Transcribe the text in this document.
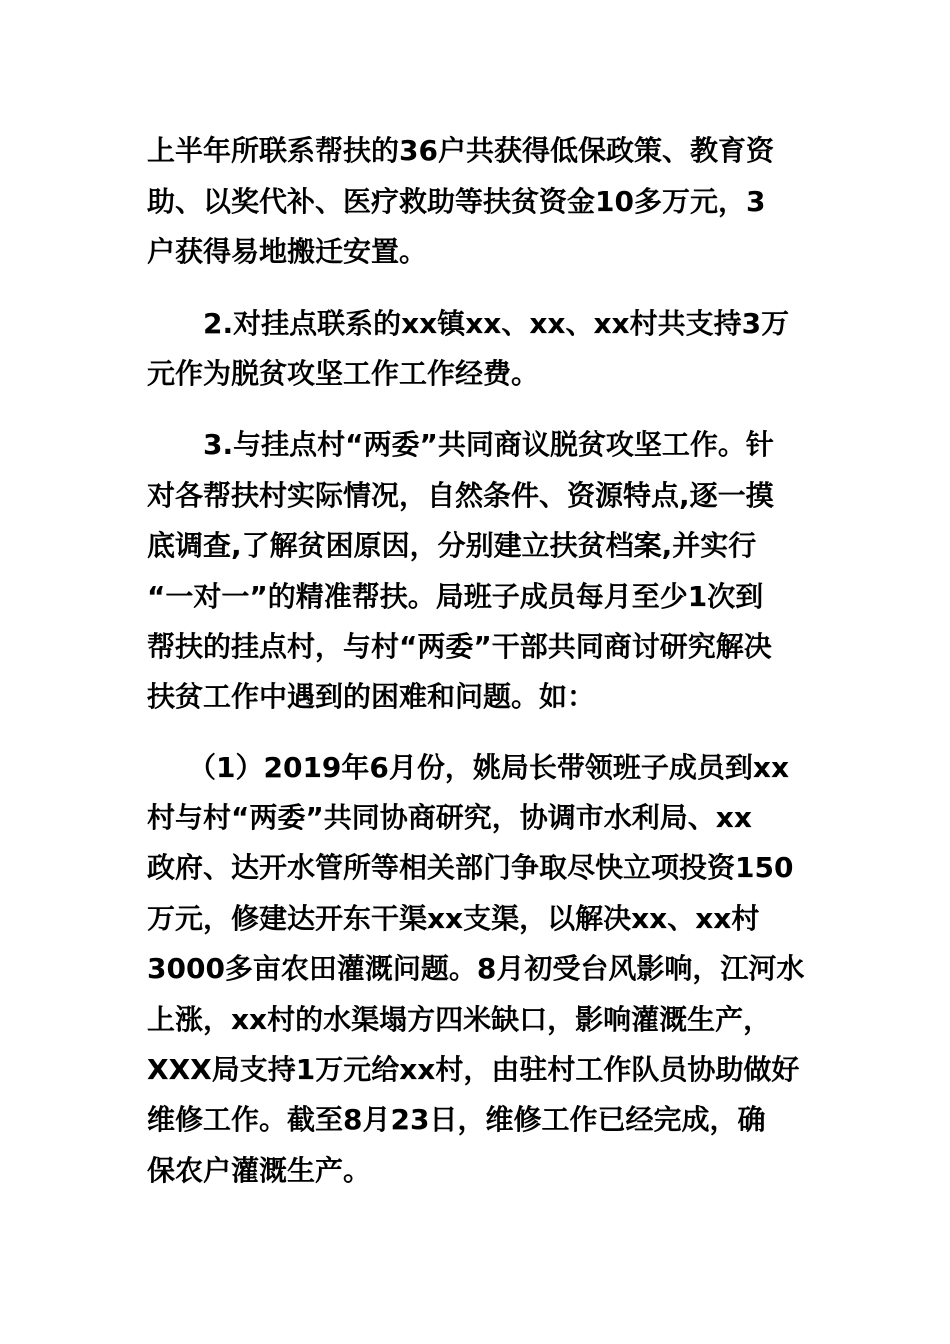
上半年所联系帮扶的36户共获得低保政策、教育资
助、以奖代补、医疗救助等扶贫资金10多万元，3
户获得易地搬迁安置。
2.对挂点联系的xx镇xx、xx、xx村共支持3万
元作为脱贫攻坚工作工作经费。
3.与挂点村“两委”共同商议脱贫攻坚工作。针
对各帮扶村实际情况，自然条件、资源特点,逐一摸
底调查,了解贫困原因，分别建立扶贫档案,并实行
“一对一”的精准帮扶。局班子成员每月至少1次到
帮扶的挂点村，与村“两委”干部共同商讨研究解决
扶贫工作中遇到的困难和问题。如：
（1）2019年6月份，姚局长带领班子成员到xx
村与村“两委”共同协商研究，协调市水利局、xx
政府、达开水管所等相关部门争取尽快立项投资150
万元，修建达开东干渠xx支渠，以解决xx、xx村
3000多亩农田灌溉问题。8月初受台风影响，江河水
上涨，xx村的水渠塌方四米缺口，影响灌溉生产，
XXX局支持1万元给xx村，由驻村工作队员协助做好
维修工作。截至8月23日，维修工作已经完成，确
保农户灌溉生产。
